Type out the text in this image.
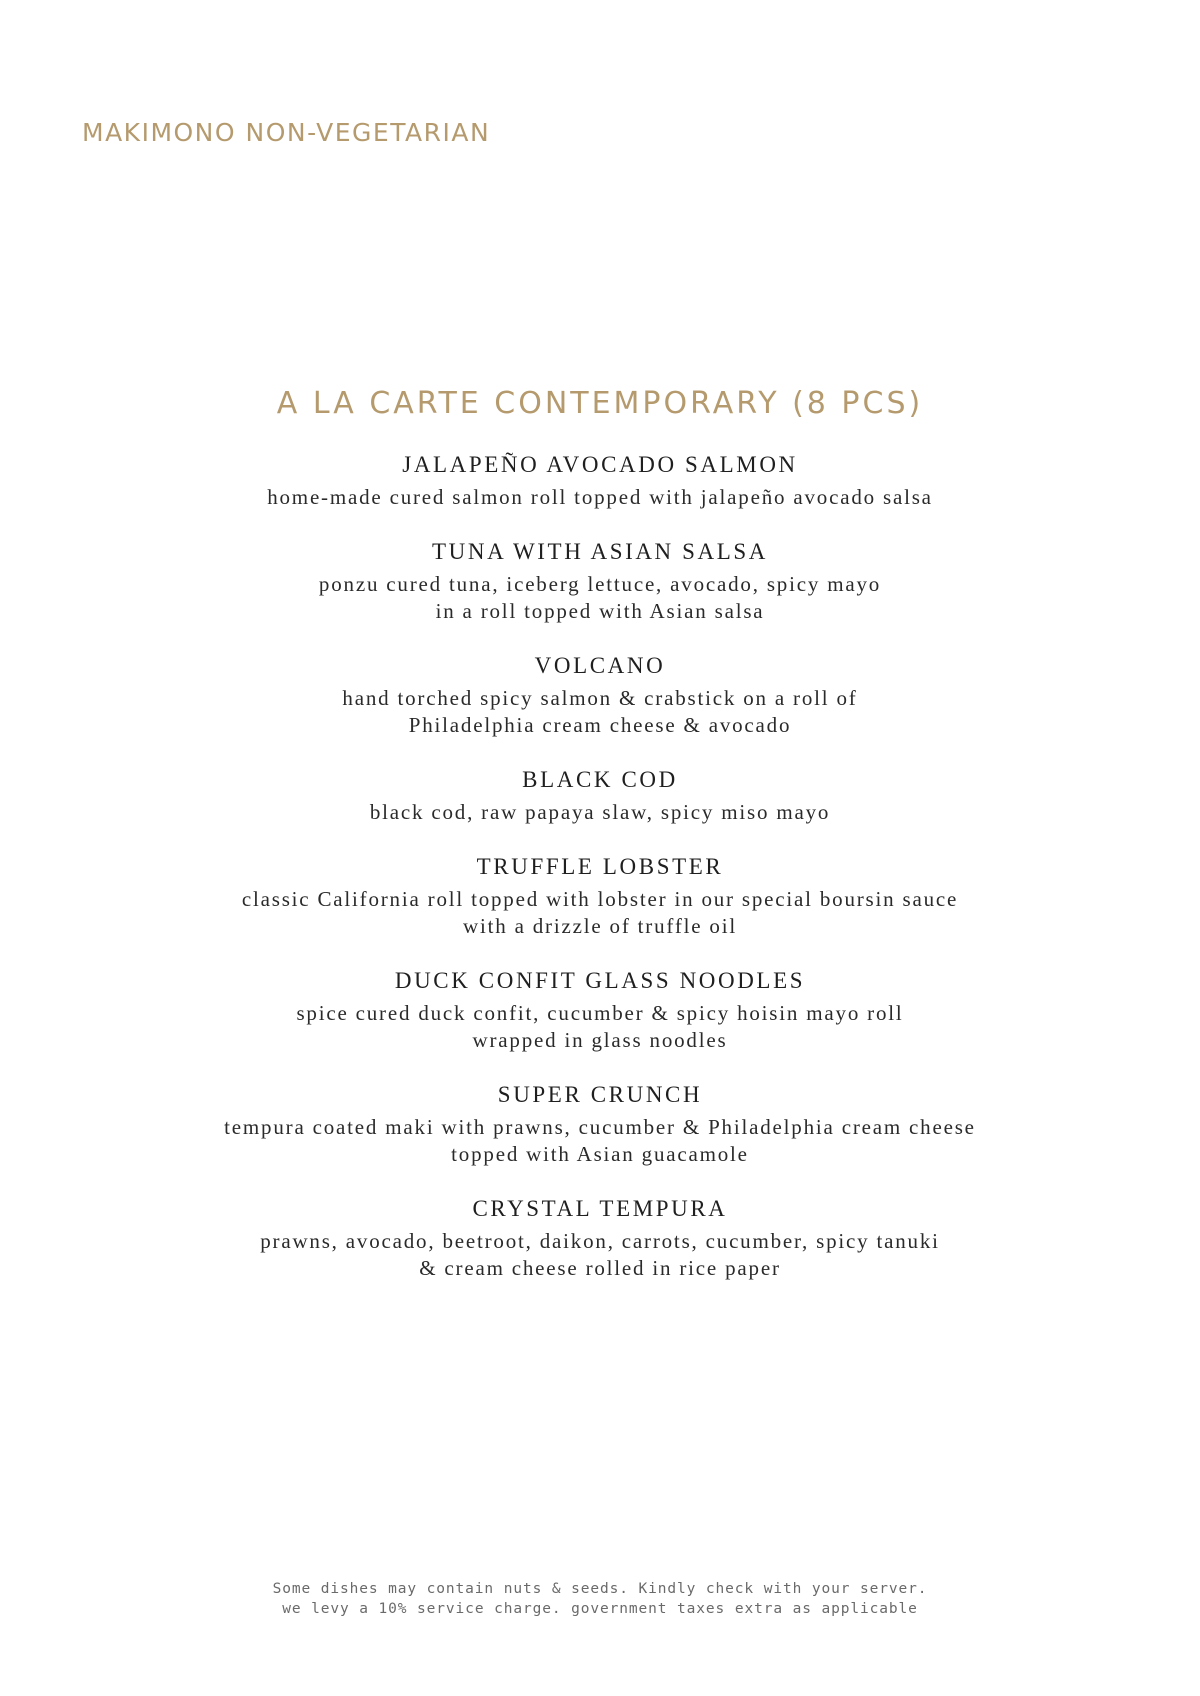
MAKIMONO NON-VEGETARIAN
A LA CARTE CONTEMPORARY (8 PCS)
JALAPEÑO AVOCADO SALMON
home-made cured salmon roll topped with jalapeño avocado salsa
TUNA WITH ASIAN SALSA
ponzu cured tuna, iceberg lettuce, avocado, spicy mayo
in a roll topped with Asian salsa
VOLCANO
hand torched spicy salmon & crabstick on a roll of
Philadelphia cream cheese & avocado
BLACK COD
black cod, raw papaya slaw, spicy miso mayo
TRUFFLE LOBSTER
classic California roll topped with lobster in our special boursin sauce
with a drizzle of truffle oil
DUCK CONFIT GLASS NOODLES
spice cured duck confit, cucumber & spicy hoisin mayo roll
wrapped in glass noodles
SUPER CRUNCH
tempura coated maki with prawns, cucumber & Philadelphia cream cheese
topped with Asian guacamole
CRYSTAL TEMPURA
prawns, avocado, beetroot, daikon, carrots, cucumber, spicy tanuki
& cream cheese rolled in rice paper
Some dishes may contain nuts & seeds. Kindly check with your server.
we levy a 10% service charge. government taxes extra as applicable
